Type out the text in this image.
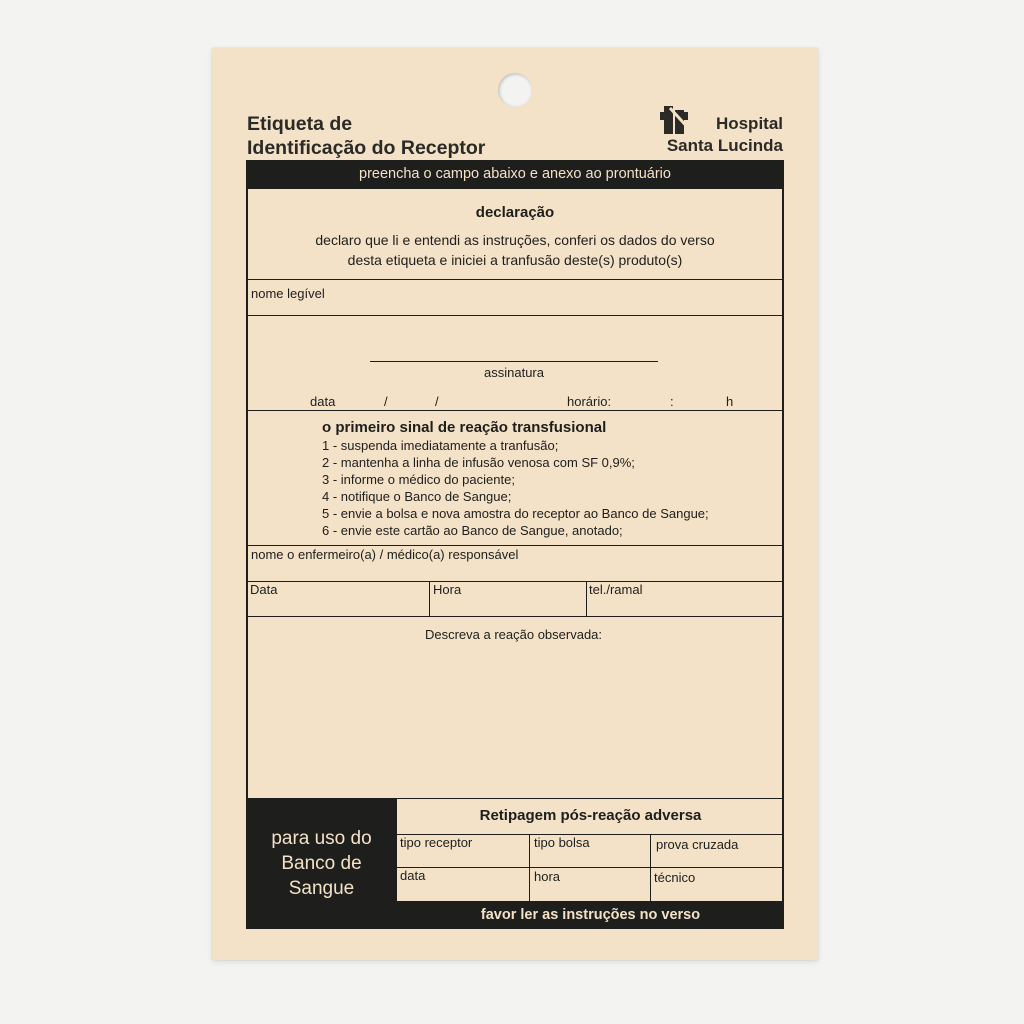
Etiqueta de
Identificação do Receptor
Hospital
Santa Lucinda
preencha o campo abaixo e anexo ao prontuário
declaração
declaro que li e entendi as instruções, conferi os dados do verso
desta etiqueta e iniciei a tranfusão deste(s) produto(s)
nome legível
assinatura
data	/	/	horário:	:	h
o primeiro sinal de reação transfusional
1 - suspenda imediatamente a tranfusão;
2 - mantenha a linha de infusão venosa com SF 0,9%;
3 - informe o médico do paciente;
4 - notifique o Banco de Sangue;
5 - envie a bolsa e nova amostra do receptor ao Banco de Sangue;
6 - envie este cartão ao Banco de Sangue, anotado;
nome o enfermeiro(a) / médico(a) responsável
Data	Hora	tel./ramal
Descreva a reação observada:
para uso do
Banco de
Sangue
Retipagem pós-reação adversa
tipo receptor	tipo bolsa	prova cruzada
data	hora	técnico
favor ler as instruções no verso
